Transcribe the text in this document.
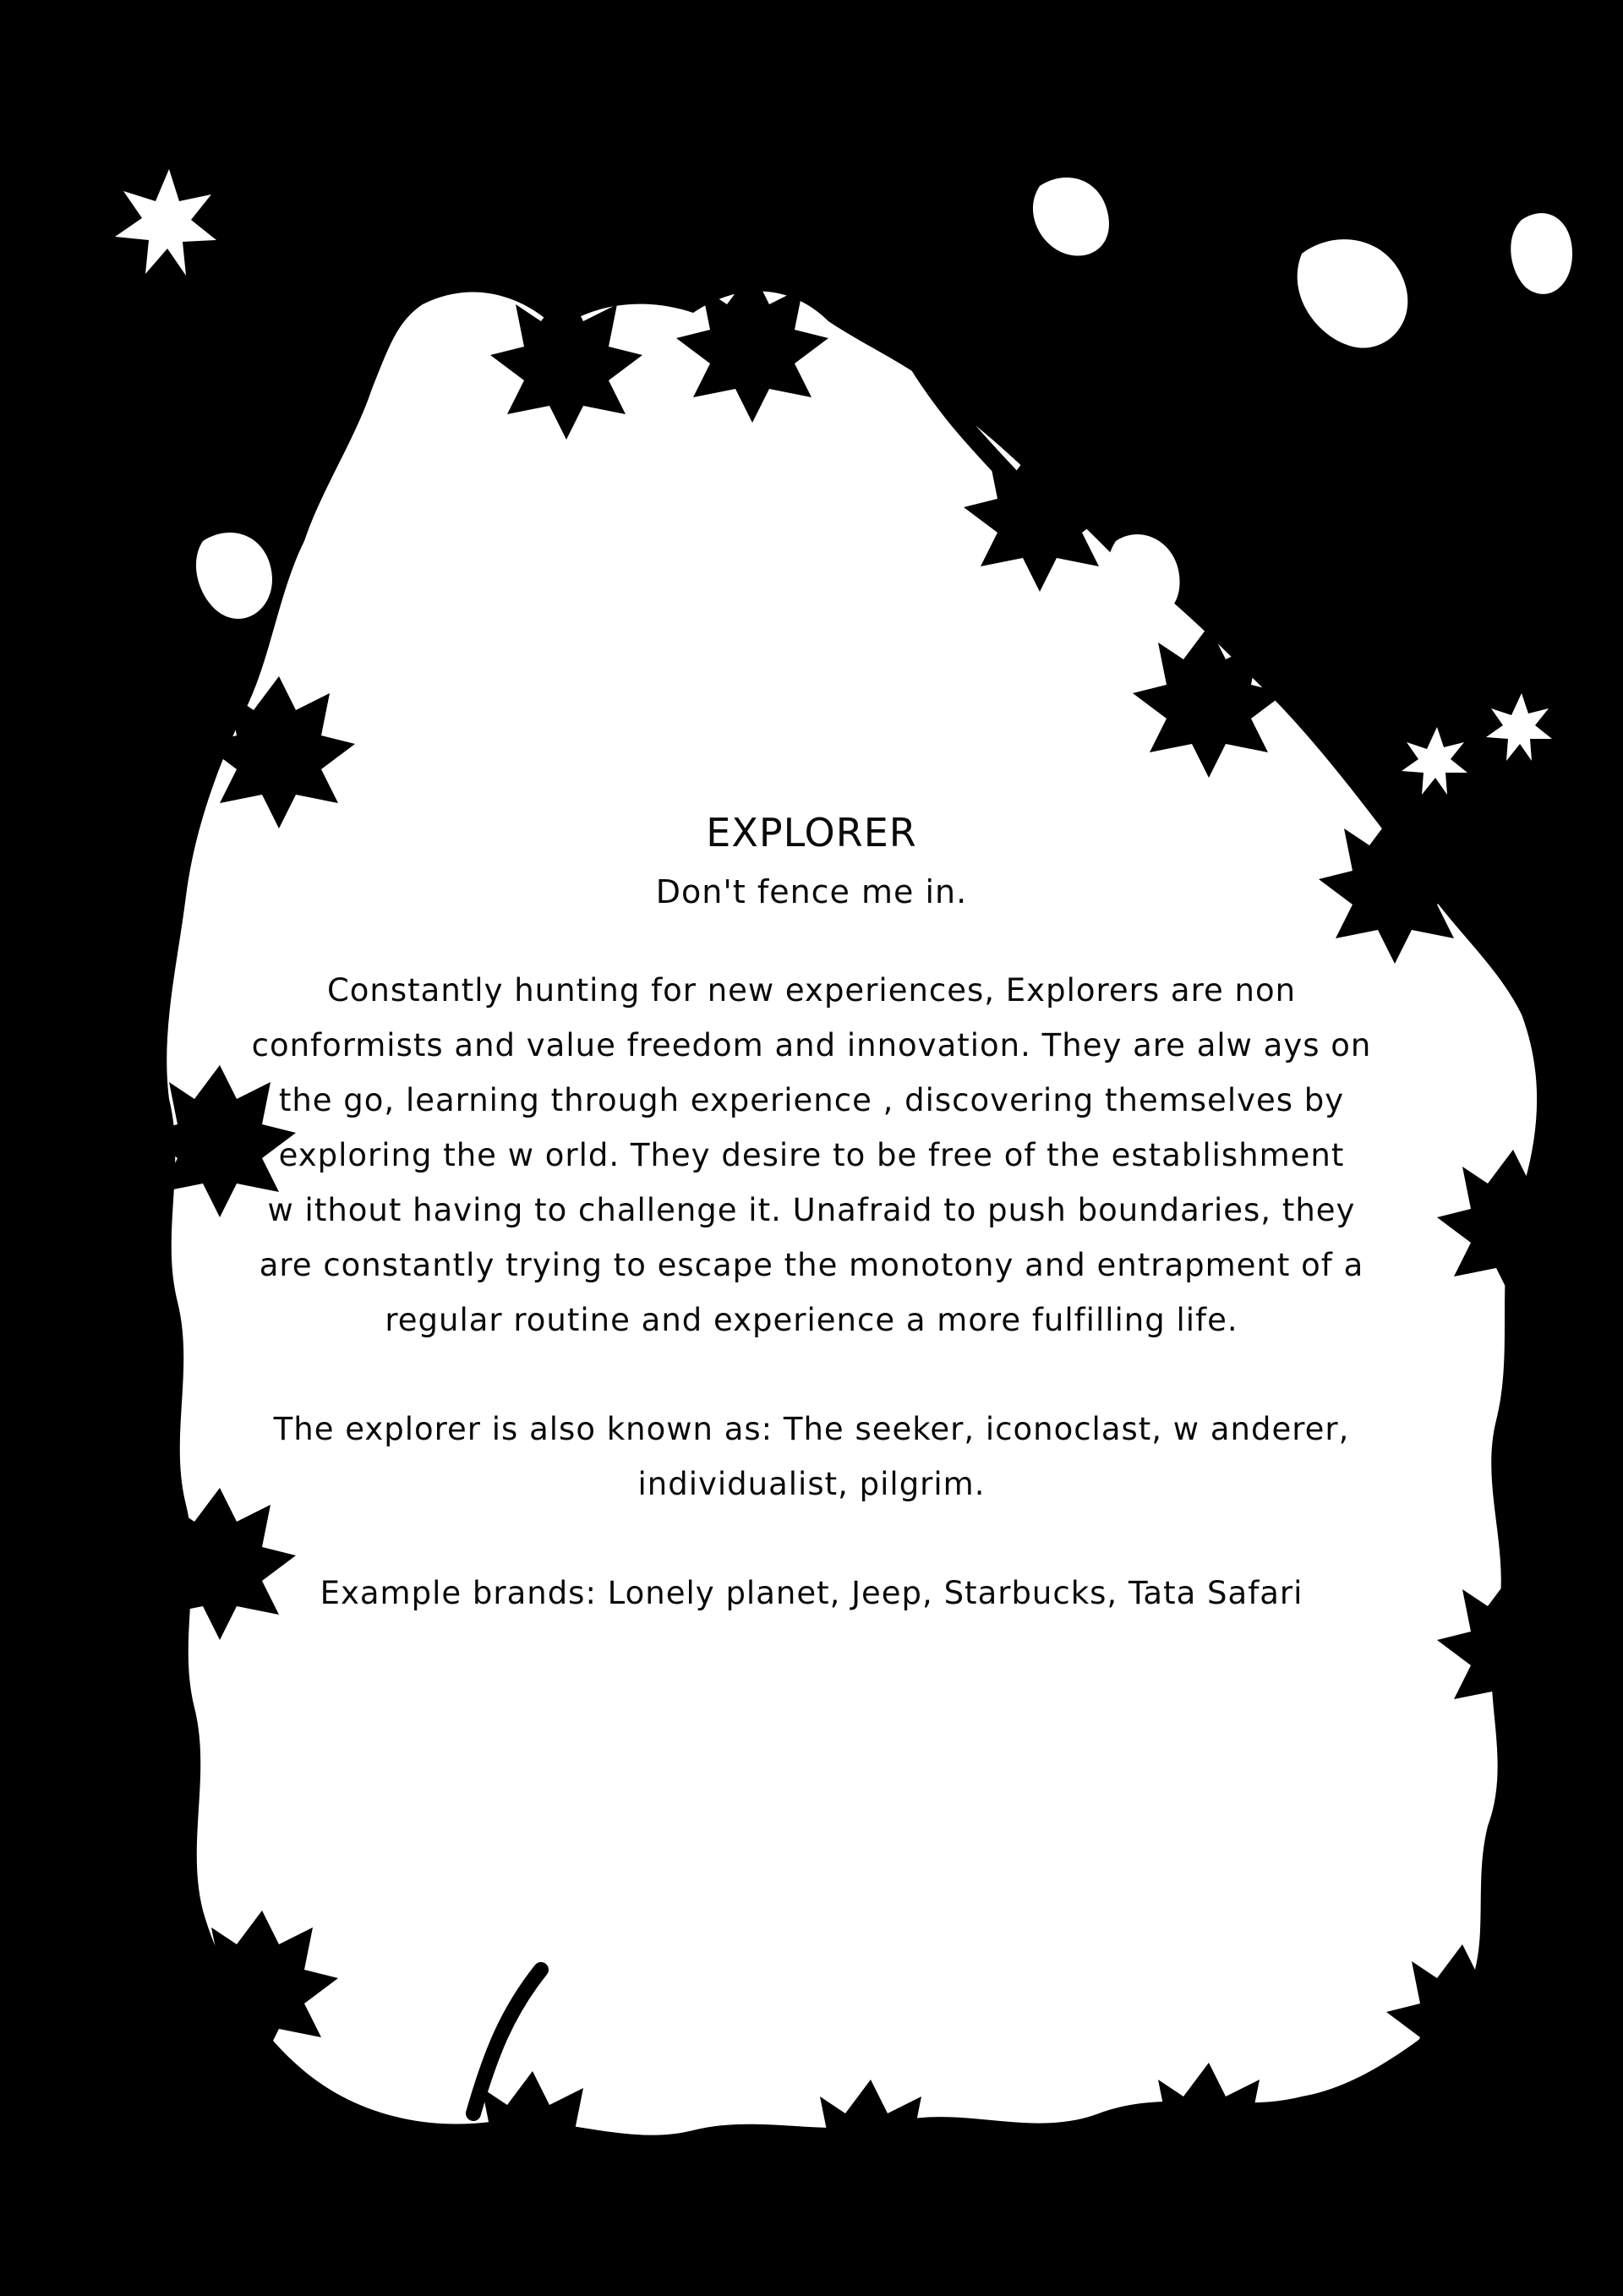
EXPLORER

Don't fence me in.

Constantly hunting for new experiences, Explorers are non
conformists and value freedom and innovation. They are alw ays on
the go, learning through experience , discovering themselves by
exploring the w orld. They desire to be free of the establishment
w ithout having to challenge it. Unafraid to push boundaries, they
are constantly trying to escape the monotony and entrapment of a
regular routine and experience a more fulfilling life.
The explorer is also known as: The seeker, iconoclast, w anderer,
individualist, pilgrim.
Example brands: Lonely planet, Jeep, Starbucks, Tata Safari
